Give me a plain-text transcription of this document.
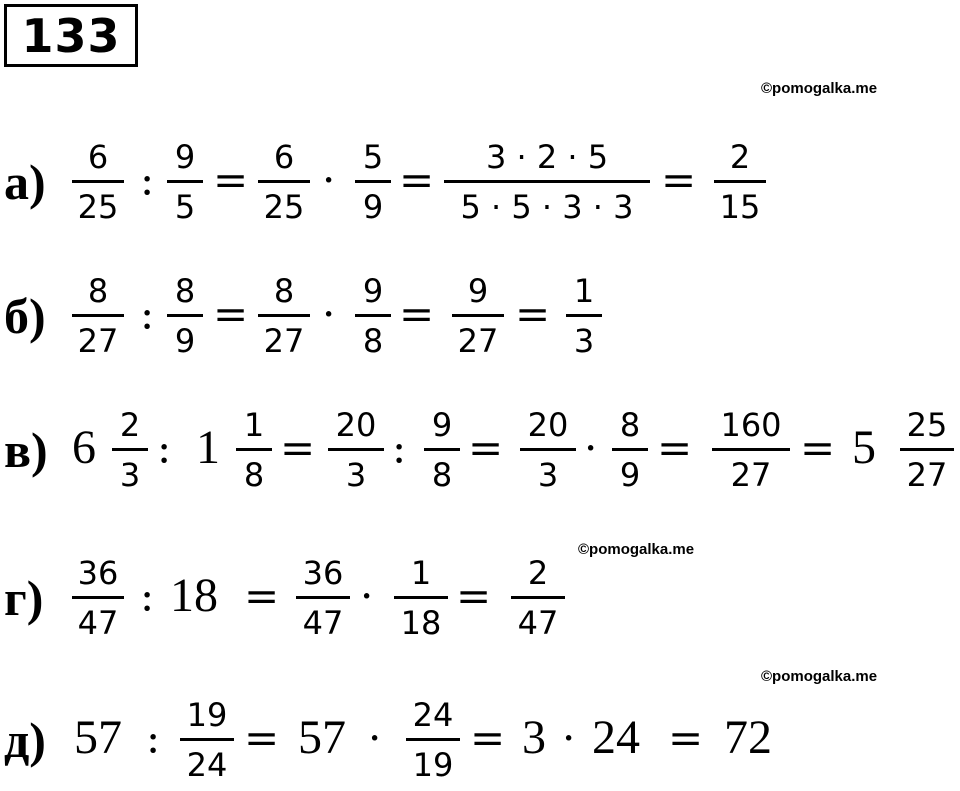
133
©pomogalka.me
©pomogalka.me
©pomogalka.me
а) 6
25
: 9
5
= 6
25
· 5
9
= 3 · 2 · 5
5 · 5 · 3 · 3
= 2
15
б) 8
27
: 8
9
= 8
27
· 9
8
= 9
27
= 1
3
в) 6 2
3
: 1 1
8
= 20
3
: 9
8
= 20
3
· 8
9
= 160
27
= 5 25
27
г) 36
47
: 18 = 36
47
· 1
18
= 2
47
д) 57 : 19
24
= 57 · 24
19
= 3 · 24 = 72
